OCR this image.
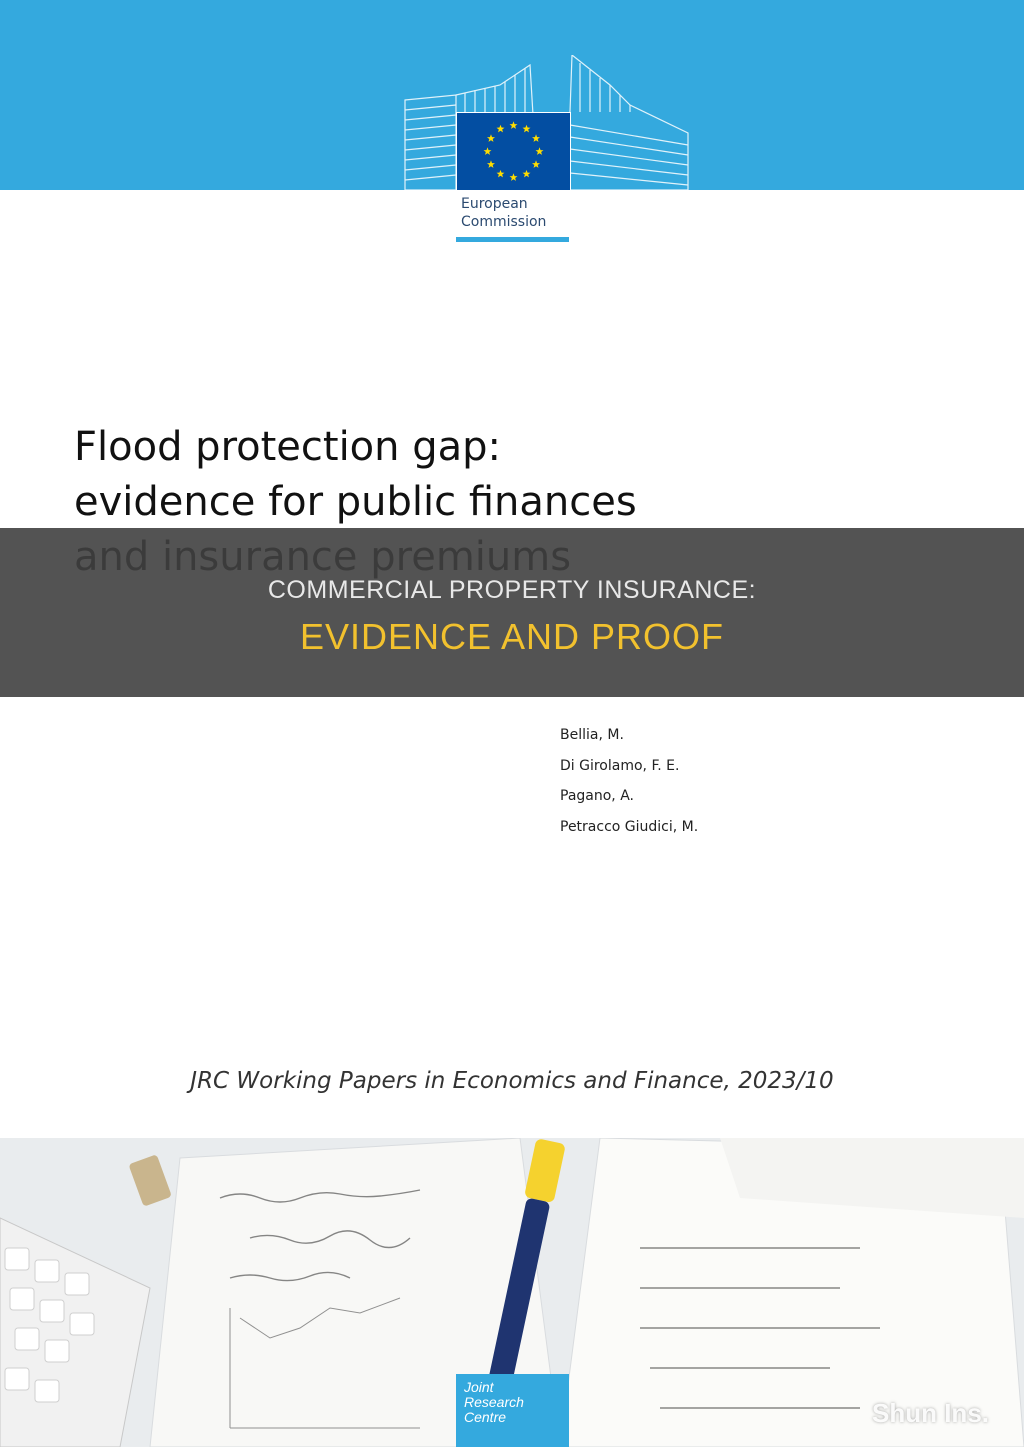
European
Commission
Flood protection gap:
evidence for public finances
COMMERCIAL PROPERTY INSURANCE:
EVIDENCE AND PROOF
Bellia, M.
Di Girolamo, F. E.
Pagano, A.
Petracco Giudici, M.
JRC Working Papers in Economics and Finance, 2023/10
Joint
Research
Centre	Shun Ins.
